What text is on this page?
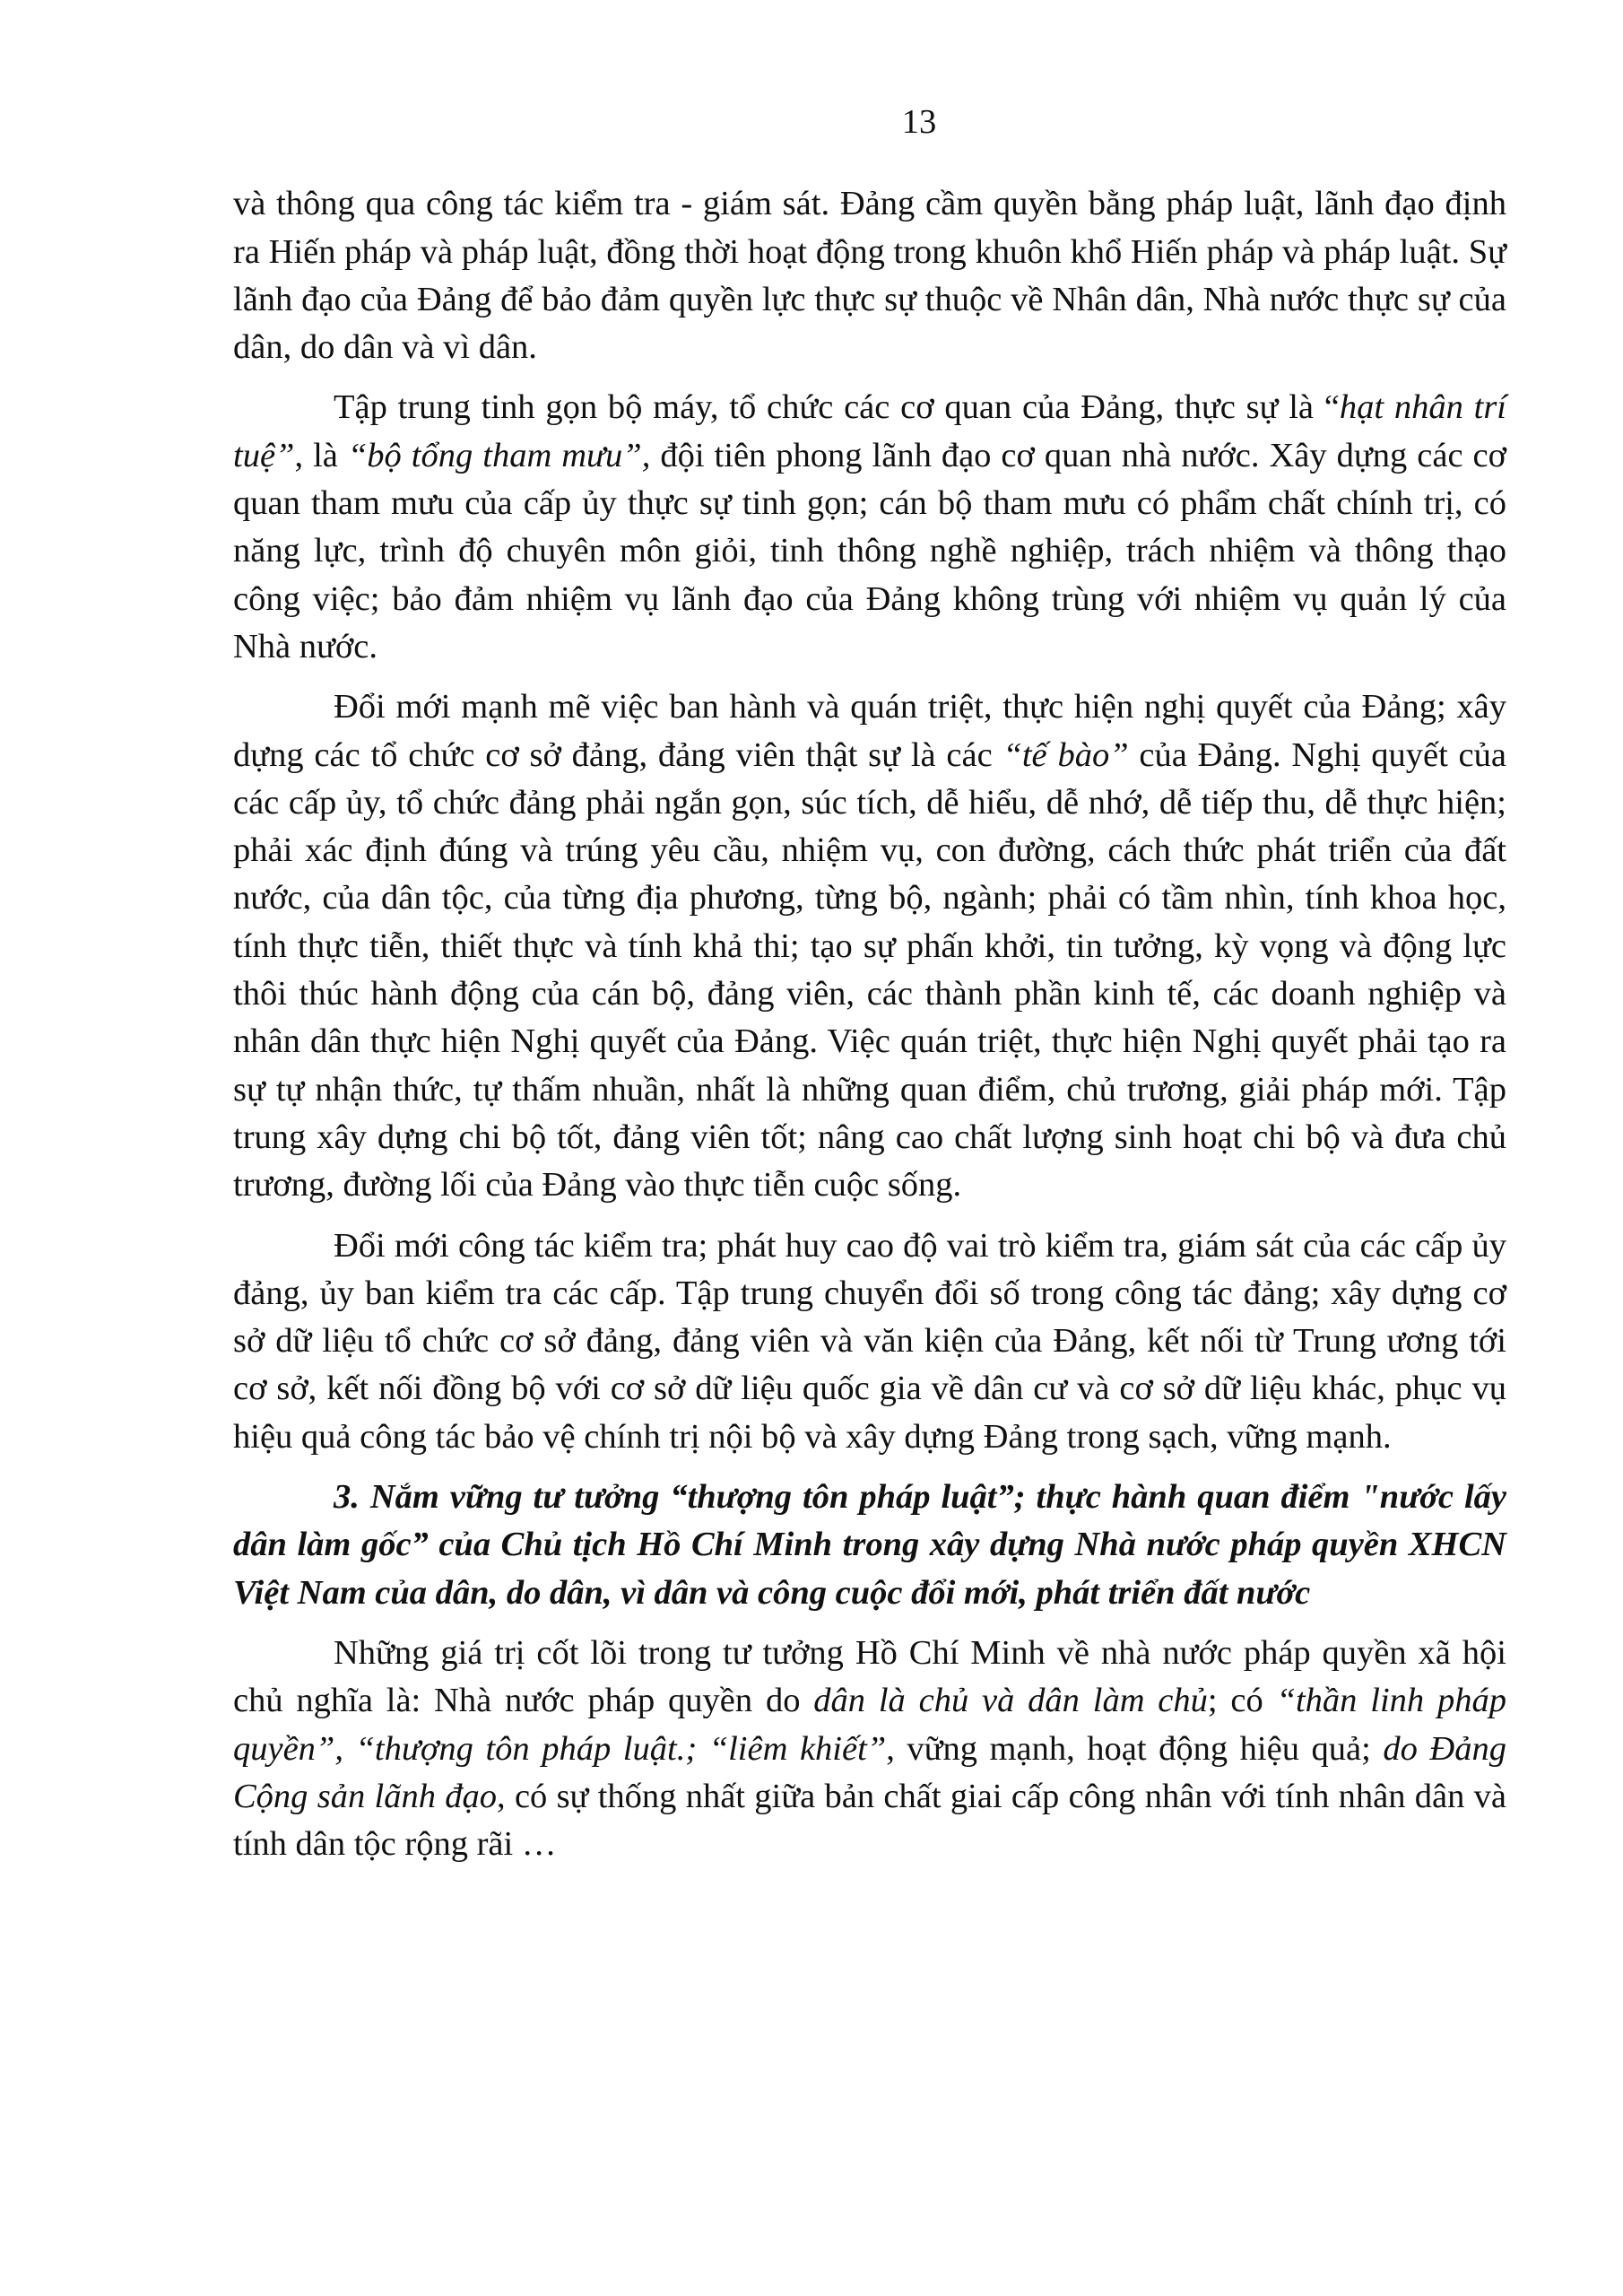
13

và thông qua công tác kiểm tra - giám sát. Đảng cầm quyền bằng pháp luật, lãnh đạo định ra Hiến pháp và pháp luật, đồng thời hoạt động trong khuôn khổ Hiến pháp và pháp luật. Sự lãnh đạo của Đảng để bảo đảm quyền lực thực sự thuộc về Nhân dân, Nhà nước thực sự của dân, do dân và vì dân.

Tập trung tinh gọn bộ máy, tổ chức các cơ quan của Đảng, thực sự là “hạt nhân trí tuệ”, là “bộ tổng tham mưu”, đội tiên phong lãnh đạo cơ quan nhà nước. Xây dựng các cơ quan tham mưu của cấp ủy thực sự tinh gọn; cán bộ tham mưu có phẩm chất chính trị, có năng lực, trình độ chuyên môn giỏi, tinh thông nghề nghiệp, trách nhiệm và thông thạo công việc; bảo đảm nhiệm vụ lãnh đạo của Đảng không trùng với nhiệm vụ quản lý của Nhà nước.

Đổi mới mạnh mẽ việc ban hành và quán triệt, thực hiện nghị quyết của Đảng; xây dựng các tổ chức cơ sở đảng, đảng viên thật sự là các “tế bào” của Đảng. Nghị quyết của các cấp ủy, tổ chức đảng phải ngắn gọn, súc tích, dễ hiểu, dễ nhớ, dễ tiếp thu, dễ thực hiện; phải xác định đúng và trúng yêu cầu, nhiệm vụ, con đường, cách thức phát triển của đất nước, của dân tộc, của từng địa phương, từng bộ, ngành; phải có tầm nhìn, tính khoa học, tính thực tiễn, thiết thực và tính khả thi; tạo sự phấn khởi, tin tưởng, kỳ vọng và động lực thôi thúc hành động của cán bộ, đảng viên, các thành phần kinh tế, các doanh nghiệp và nhân dân thực hiện Nghị quyết của Đảng. Việc quán triệt, thực hiện Nghị quyết phải tạo ra sự tự nhận thức, tự thấm nhuần, nhất là những quan điểm, chủ trương, giải pháp mới. Tập trung xây dựng chi bộ tốt, đảng viên tốt; nâng cao chất lượng sinh hoạt chi bộ và đưa chủ trương, đường lối của Đảng vào thực tiễn cuộc sống.

Đổi mới công tác kiểm tra; phát huy cao độ vai trò kiểm tra, giám sát của các cấp ủy đảng, ủy ban kiểm tra các cấp. Tập trung chuyển đổi số trong công tác đảng; xây dựng cơ sở dữ liệu tổ chức cơ sở đảng, đảng viên và văn kiện của Đảng, kết nối từ Trung ương tới cơ sở, kết nối đồng bộ với cơ sở dữ liệu quốc gia về dân cư và cơ sở dữ liệu khác, phục vụ hiệu quả công tác bảo vệ chính trị nội bộ và xây dựng Đảng trong sạch, vững mạnh.

3. Nắm vững tư tưởng “thượng tôn pháp luật”; thực hành quan điểm "nước lấy dân làm gốc” của Chủ tịch Hồ Chí Minh trong xây dựng Nhà nước pháp quyền XHCN Việt Nam của dân, do dân, vì dân và công cuộc đổi mới, phát triển đất nước

Những giá trị cốt lõi trong tư tưởng Hồ Chí Minh về nhà nước pháp quyền xã hội chủ nghĩa là: Nhà nước pháp quyền do dân là chủ và dân làm chủ; có “thần linh pháp quyền”, “thượng tôn pháp luật.; “liêm khiết”, vững mạnh, hoạt động hiệu quả; do Đảng Cộng sản lãnh đạo, có sự thống nhất giữa bản chất giai cấp công nhân với tính nhân dân và tính dân tộc rộng rãi …
